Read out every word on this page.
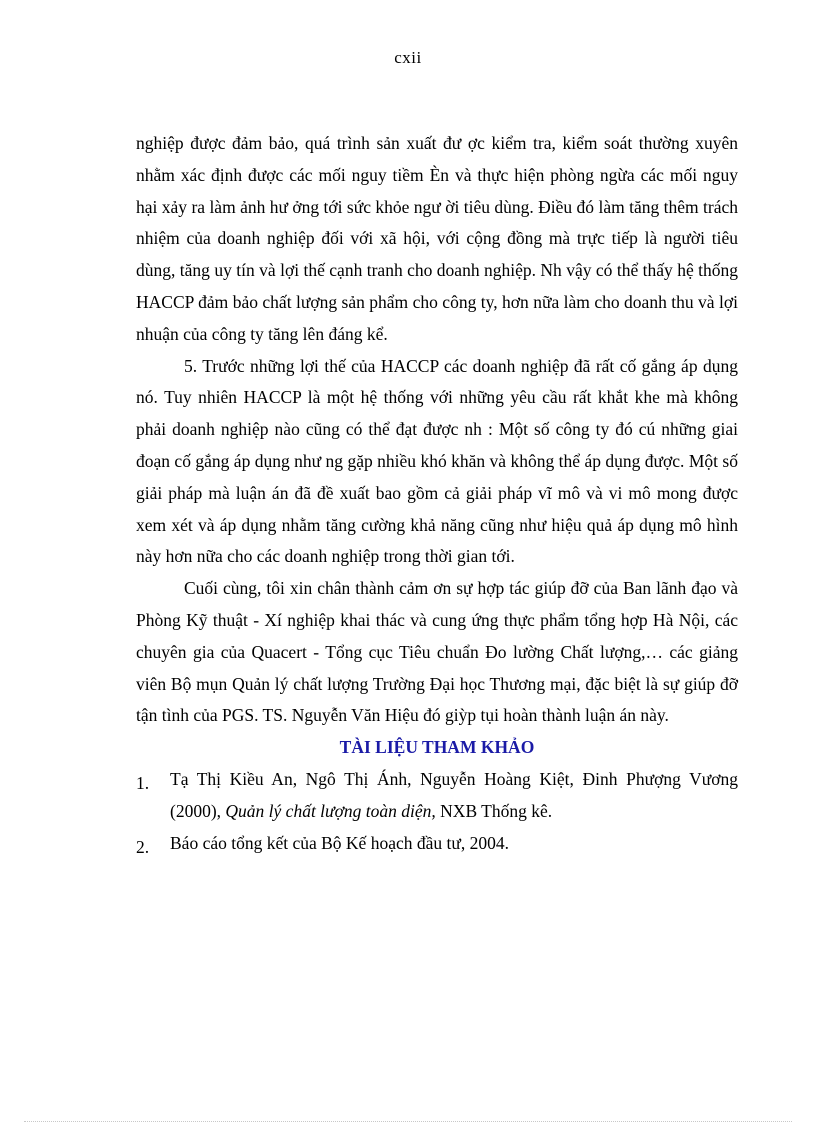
cxii

nghiệp được đảm bảo, quá trình sản xuất đư ợc kiểm tra, kiểm soát thường xuyên nhằm xác định được các mối nguy tiềm Èn và thực hiện phòng ngừa các mối nguy hại xảy ra làm ảnh hư ởng tới sức khỏe ngư ời tiêu dùng. Điều đó làm tăng thêm trách nhiệm của doanh nghiệp đối với xã hội, với cộng đồng mà trực tiếp là người tiêu dùng, tăng uy tín và lợi thế cạnh tranh cho doanh nghiệp. Nh vậy có thể thấy hệ thống HACCP đảm bảo chất lượng sản phẩm cho công ty, hơn nữa làm cho doanh thu và lợi nhuận của công ty tăng lên đáng kể.

5. Trước những lợi thế của HACCP các doanh nghiệp đã rất cố gắng áp dụng nó. Tuy nhiên HACCP là một hệ thống với những yêu cầu rất khắt khe mà không phải doanh nghiệp nào cũng có thể đạt được nh : Một số công ty đó cú những giai đoạn cố gắng áp dụng như ng gặp nhiều khó khăn và không thể áp dụng được. Một số giải pháp mà luận án đã đề xuất bao gồm cả giải pháp vĩ mô và vi mô mong được xem xét và áp dụng nhằm tăng cường khả năng cũng như hiệu quả áp dụng mô hình này hơn nữa cho các doanh nghiệp trong thời gian tới.

Cuối cùng, tôi xin chân thành cảm ơn sự hợp tác giúp đỡ của Ban lãnh đạo và Phòng Kỹ thuật - Xí nghiệp khai thác và cung ứng thực phẩm tổng hợp Hà Nội, các chuyên gia của Quacert - Tổng cục Tiêu chuẩn Đo lường Chất lượng,… các giảng viên Bộ mụn Quản lý chất lượng Trường Đại học Thương mại, đặc biệt là sự giúp đỡ tận tình của PGS. TS. Nguyễn Văn Hiệu đó giỳp tụi hoàn thành luận án này.

TÀI LIỆU THAM KHẢO
1.	Tạ Thị Kiều An, Ngô Thị Ánh, Nguyễn Hoàng Kiệt, Đinh Phượng Vương (2000), Quản lý chất lượng toàn diện, NXB Thống kê.
2.	Báo cáo tổng kết của Bộ Kế hoạch đầu tư, 2004.
